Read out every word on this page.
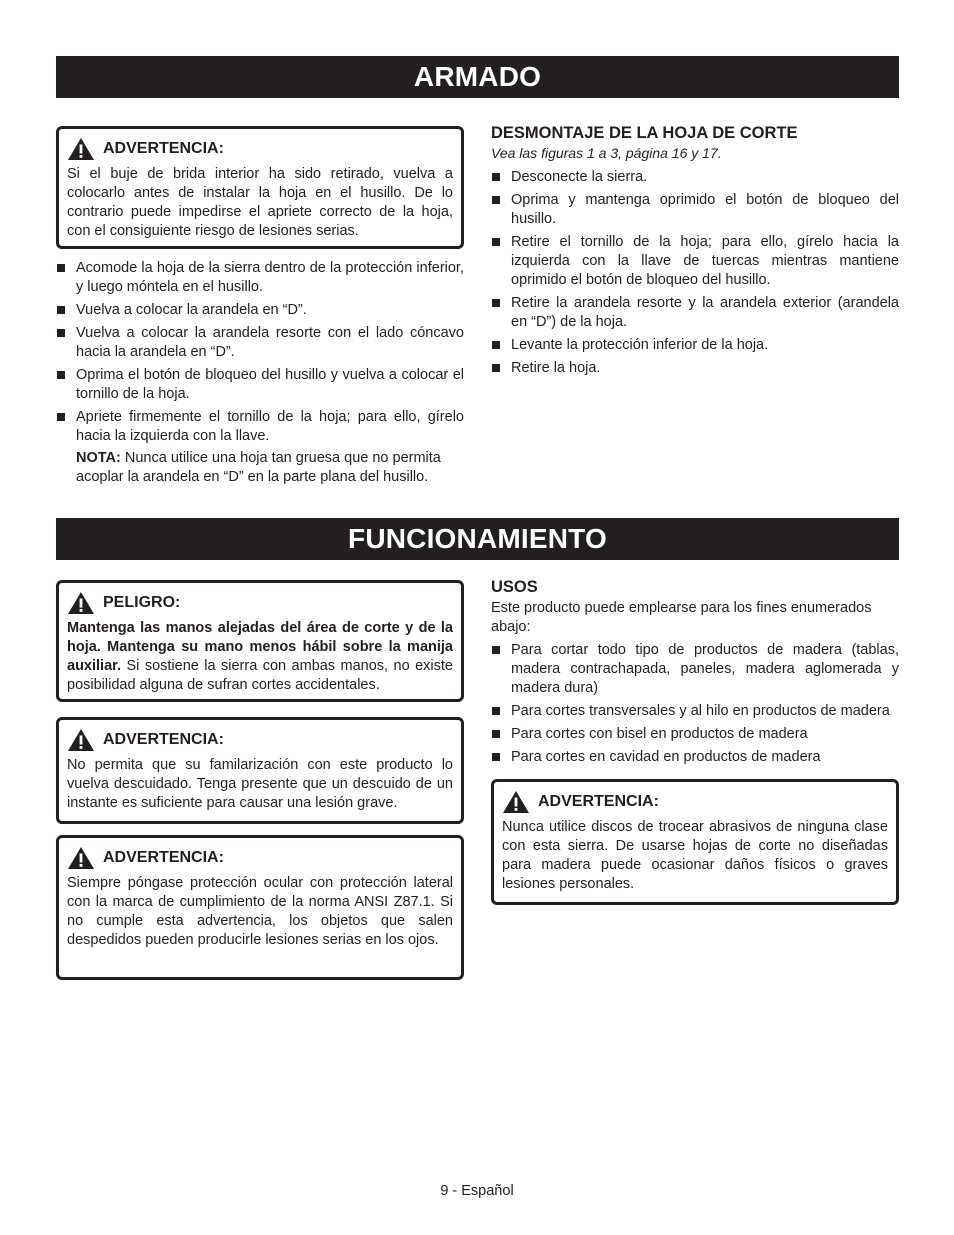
ARMADO
ADVERTENCIA:
Si el buje de brida interior ha sido retirado, vuelva a colocarlo antes de instalar la hoja en el husillo. De lo contrario puede impedirse el apriete correcto de la hoja, con el consiguiente riesgo de lesiones serias.
Acomode la hoja de la sierra dentro de la protección inferior, y luego móntela en el husillo.
Vuelva a colocar la arandela en “D”.
Vuelva a colocar la arandela resorte con el lado cóncavo hacia la arandela en “D”.
Oprima el botón de bloqueo del husillo y vuelva a colocar el tornillo de la hoja.
Apriete firmemente el tornillo de la hoja; para ello, gírelo hacia la izquierda con la llave.
NOTA: Nunca utilice una hoja tan gruesa que no permita acoplar la arandela en “D” en la parte plana del husillo.
DESMONTAJE DE LA HOJA DE CORTE
Vea las figuras 1 a 3, página 16 y 17.
Desconecte la sierra.
Oprima y mantenga oprimido el botón de bloqueo del husillo.
Retire el tornillo de la hoja; para ello, gírelo hacia la izquierda con la llave de tuercas mientras mantiene oprimido el botón de bloqueo del husillo.
Retire la arandela resorte y la arandela exterior (arandela en “D”) de la hoja.
Levante la protección inferior de la hoja.
Retire la hoja.
FUNCIONAMIENTO
PELIGRO:
Mantenga las manos alejadas del área de corte y de la hoja. Mantenga su mano menos hábil sobre la manija auxiliar. Si sostiene la sierra con ambas manos, no existe posibilidad alguna de sufran cortes accidentales.
ADVERTENCIA:
No permita que su familarización con este producto lo vuelva descuidado. Tenga presente que un descuido de un instante es suficiente para causar una lesión grave.
ADVERTENCIA:
Siempre póngase protección ocular con protección lateral con la marca de cumplimiento de la norma ANSI Z87.1. Si no cumple esta advertencia, los objetos que salen despedidos pueden producirle lesiones serias en los ojos.
USOS
Este producto puede emplearse para los fines enumerados abajo:
Para cortar todo tipo de productos de madera (tablas, madera contrachapada, paneles, madera aglomerada y madera dura)
Para cortes transversales y al hilo en productos de madera
Para cortes con bisel en productos de madera
Para cortes en cavidad en productos de madera
ADVERTENCIA:
Nunca utilice discos de trocear abrasivos de ninguna clase con esta sierra. De usarse hojas de corte no diseñadas para madera puede ocasionar daños físicos o graves lesiones personales.
9 - Español
